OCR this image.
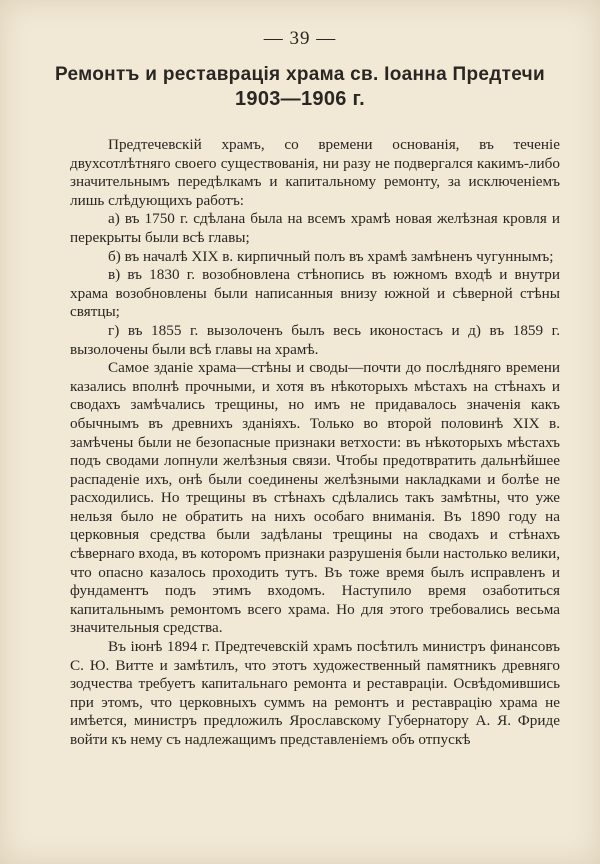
— 39 —
Ремонтъ и реставрація храма св. Іоанна Предтечи
1903—1906 г.

Предтечевскій храмъ, со времени основанія, въ теченіе двухсотлѣтняго своего существованія, ни разу не подвергался какимъ-либо значительнымъ передѣлкамъ и капитальному ремонту, за исключеніемъ лишь слѣдующихъ работъ:

а) въ 1750 г. сдѣлана была на всемъ храмѣ новая желѣзная кровля и перекрыты были всѣ главы;

б) въ началѣ XIX в. кирпичный полъ въ храмѣ замѣненъ чугуннымъ;

в) въ 1830 г. возобновлена стѣнопись въ южномъ входѣ и внутри храма возобновлены были написанныя внизу южной и сѣверной стѣны святцы;

г) въ 1855 г. вызолоченъ былъ весь иконостасъ и д) въ 1859 г. вызолочены были всѣ главы на храмѣ.

Самое зданіе храма—стѣны и своды—почти до послѣдняго времени казались вполнѣ прочными, и хотя въ нѣкоторыхъ мѣстахъ на стѣнахъ и сводахъ замѣчались трещины, но имъ не придавалось значенія какъ обычнымъ въ древнихъ зданіяхъ. Только во второй половинѣ XIX в. замѣчены были не безопасные признаки ветхости: въ нѣкоторыхъ мѣстахъ подъ сводами лопнули желѣзныя связи. Чтобы предотвратить дальнѣйшее распаденіе ихъ, онѣ были соединены желѣзными накладками и болѣе не расходились. Но трещины въ стѣнахъ сдѣлались такъ замѣтны, что уже нельзя было не обратить на нихъ особаго вниманія. Въ 1890 году на церковныя средства были задѣланы трещины на сводахъ и стѣнахъ сѣвернаго входа, въ которомъ признаки разрушенія были настолько велики, что опасно казалось проходить тутъ. Въ тоже время былъ исправленъ и фундаментъ подъ этимъ входомъ. Наступило время озаботиться капитальнымъ ремонтомъ всего храма. Но для этого требовались весьма значительныя средства.

Въ іюнѣ 1894 г. Предтечевскій храмъ посѣтилъ министръ финансовъ С. Ю. Витте и замѣтилъ, что этотъ художественный памятникъ древняго зодчества требуетъ капитальнаго ремонта и реставраціи. Освѣдомившись при этомъ, что церковныхъ суммъ на ремонтъ и реставрацію храма не имѣется, министръ предложилъ Ярославскому Губернатору А. Я. Фриде войти къ нему съ надлежащимъ представленіемъ объ отпускѣ
